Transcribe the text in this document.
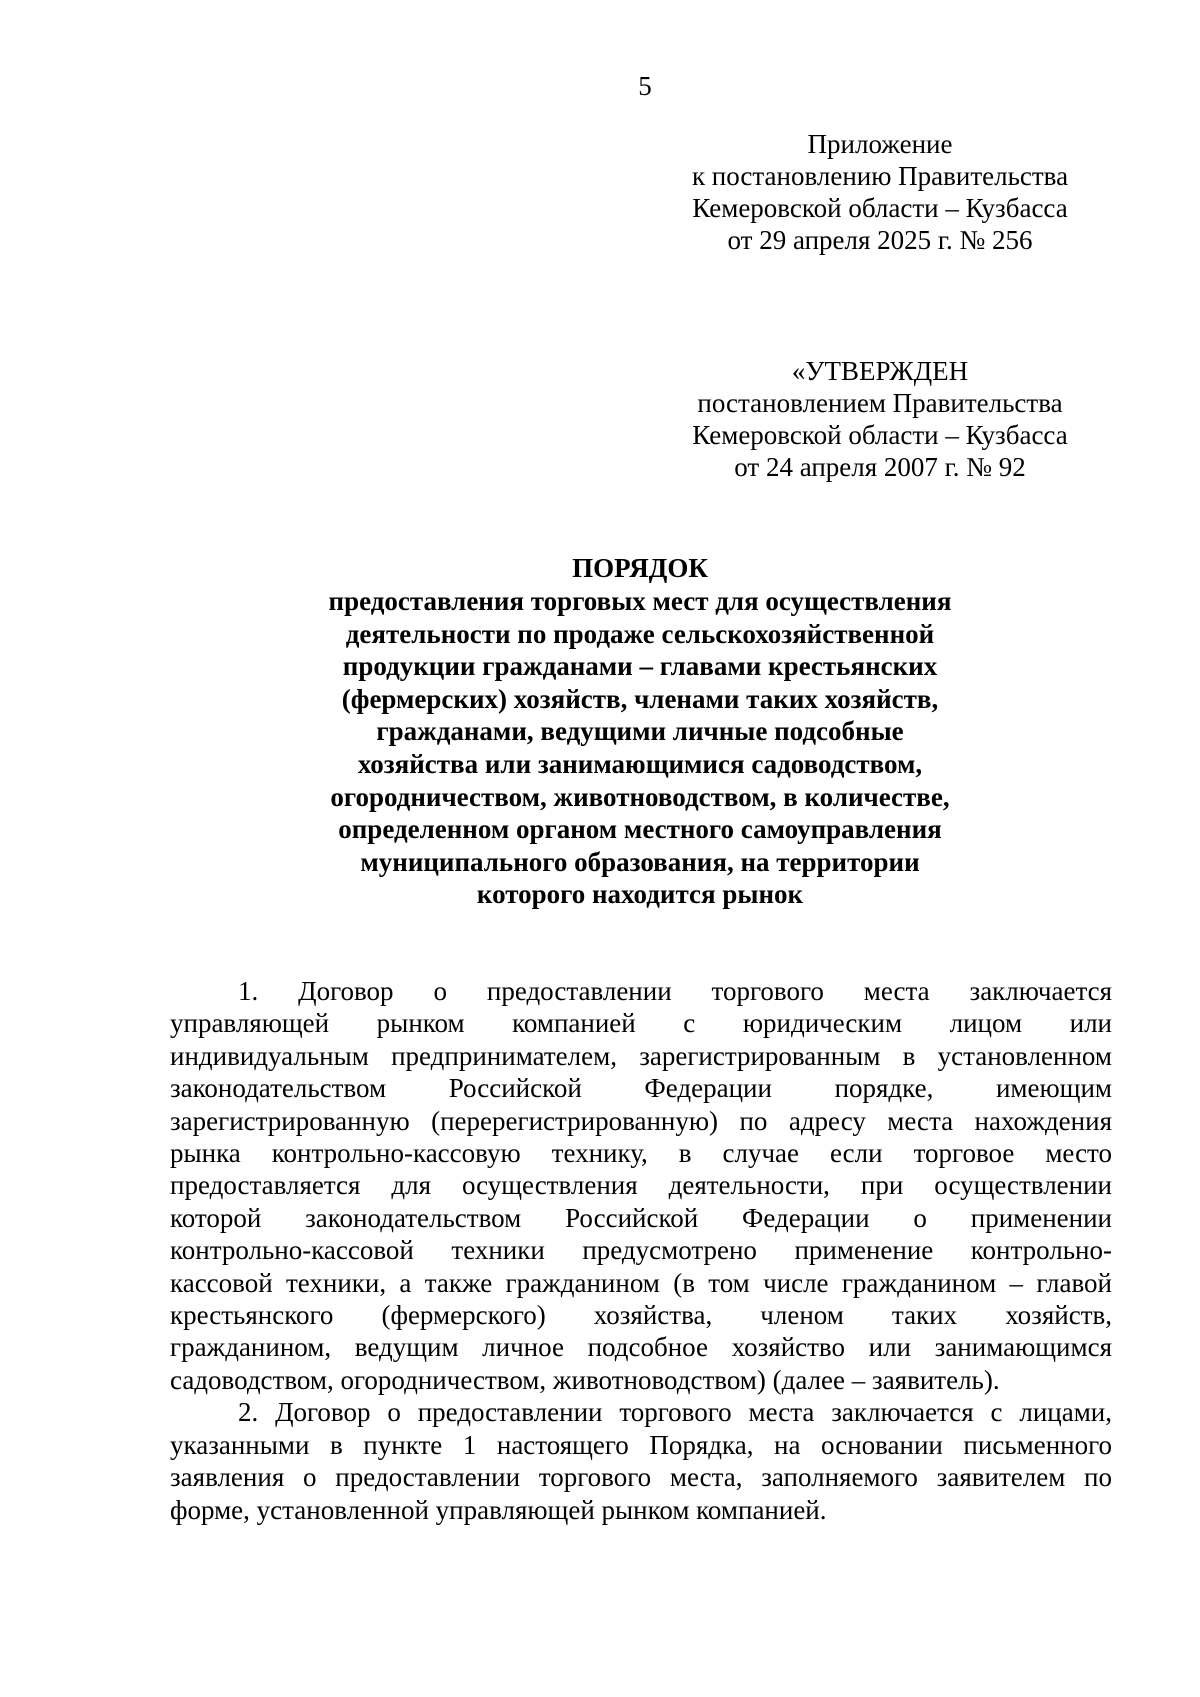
5
Приложение
к постановлению Правительства
Кемеровской области – Кузбасса
от 29 апреля 2025 г. № 256
«УТВЕРЖДЕН
постановлением Правительства
Кемеровской области – Кузбасса
от 24 апреля 2007 г. № 92
ПОРЯДОК
предоставления торговых мест для осуществления
деятельности по продаже сельскохозяйственной
продукции гражданами – главами крестьянских
(фермерских) хозяйств, членами таких хозяйств,
гражданами, ведущими личные подсобные
хозяйства или занимающимися садоводством,
огородничеством, животноводством, в количестве,
определенном органом местного самоуправления
муниципального образования, на территории
которого находится рынок
1. Договор о предоставлении торгового места заключается
управляющей рынком компанией с юридическим лицом или
индивидуальным предпринимателем, зарегистрированным в установленном
законодательством Российской Федерации порядке, имеющим
зарегистрированную (перерегистрированную) по адресу места нахождения
рынка контрольно-кассовую технику, в случае если торговое место
предоставляется для осуществления деятельности, при осуществлении
которой законодательством Российской Федерации о применении
контрольно-кассовой техники предусмотрено применение контрольно-
кассовой техники, а также гражданином (в том числе гражданином – главой
крестьянского (фермерского) хозяйства, членом таких хозяйств,
гражданином, ведущим личное подсобное хозяйство или занимающимся
садоводством, огородничеством, животноводством) (далее – заявитель).
2. Договор о предоставлении торгового места заключается с лицами,
указанными в пункте 1 настоящего Порядка, на основании письменного
заявления о предоставлении торгового места, заполняемого заявителем по
форме, установленной управляющей рынком компанией.
